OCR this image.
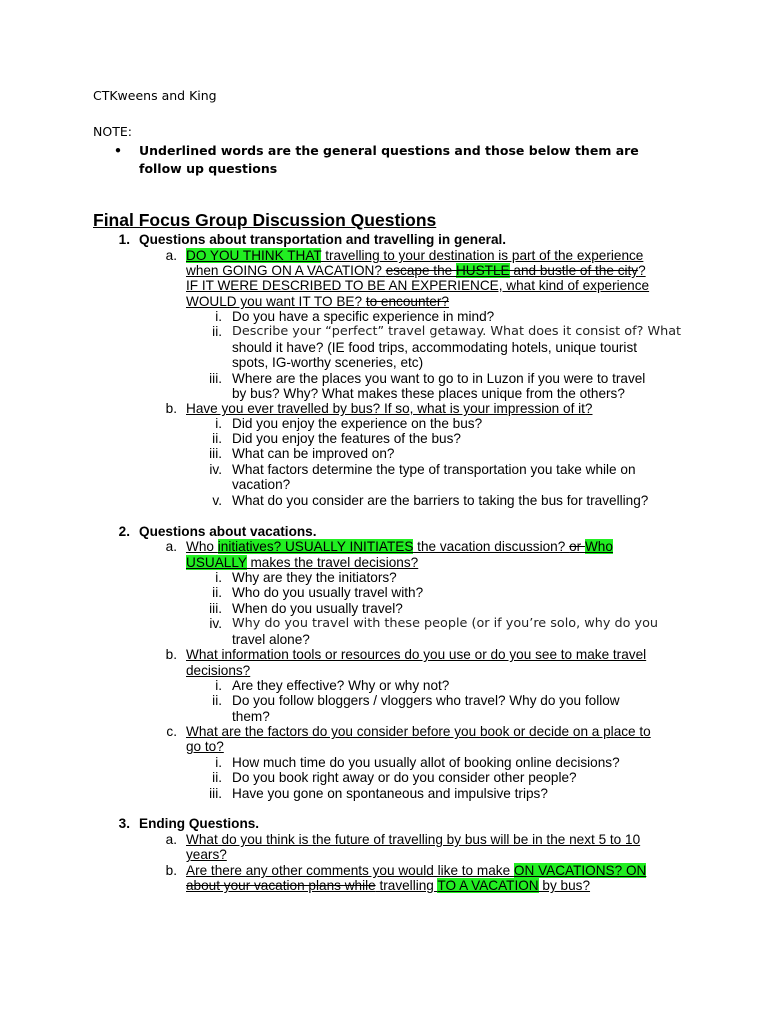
CTKweens and King
NOTE:
• Underlined words are the general questions and those below them are follow up questions
Final Focus Group Discussion Questions
1. Questions about transportation and travelling in general.
a. DO YOU THINK THAT travelling to your destination is part of the experience
when GOING ON A VACATION? escape the HUSTLE and bustle of the city?
IF IT WERE DESCRIBED TO BE AN EXPERIENCE, what kind of experience
WOULD you want IT TO BE? to encounter?
i. Do you have a specific experience in mind?
ii. Describe your “perfect” travel getaway. What does it consist of? What
should it have? (IE food trips, accommodating hotels, unique tourist
spots, IG-worthy sceneries, etc)
iii. Where are the places you want to go to in Luzon if you were to travel
by bus? Why? What makes these places unique from the others?
b. Have you ever travelled by bus? If so, what is your impression of it?
i. Did you enjoy the experience on the bus?
ii. Did you enjoy the features of the bus?
iii. What can be improved on?
iv. What factors determine the type of transportation you take while on
vacation?
v. What do you consider are the barriers to taking the bus for travelling?
2. Questions about vacations.
a. Who initiatives? USUALLY INITIATES the vacation discussion? or Who
USUALLY makes the travel decisions?
i. Why are they the initiators?
ii. Who do you usually travel with?
iii. When do you usually travel?
iv. Why do you travel with these people (or if you’re solo, why do you
travel alone?
b. What information tools or resources do you use or do you see to make travel
decisions?
i. Are they effective? Why or why not?
ii. Do you follow bloggers / vloggers who travel? Why do you follow
them?
c. What are the factors do you consider before you book or decide on a place to
go to?
i. How much time do you usually allot of booking online decisions?
ii. Do you book right away or do you consider other people?
iii. Have you gone on spontaneous and impulsive trips?
3. Ending Questions.
a. What do you think is the future of travelling by bus will be in the next 5 to 10
years?
b. Are there any other comments you would like to make ON VACATIONS? ON
about your vacation plans while travelling TO A VACATION by bus?
